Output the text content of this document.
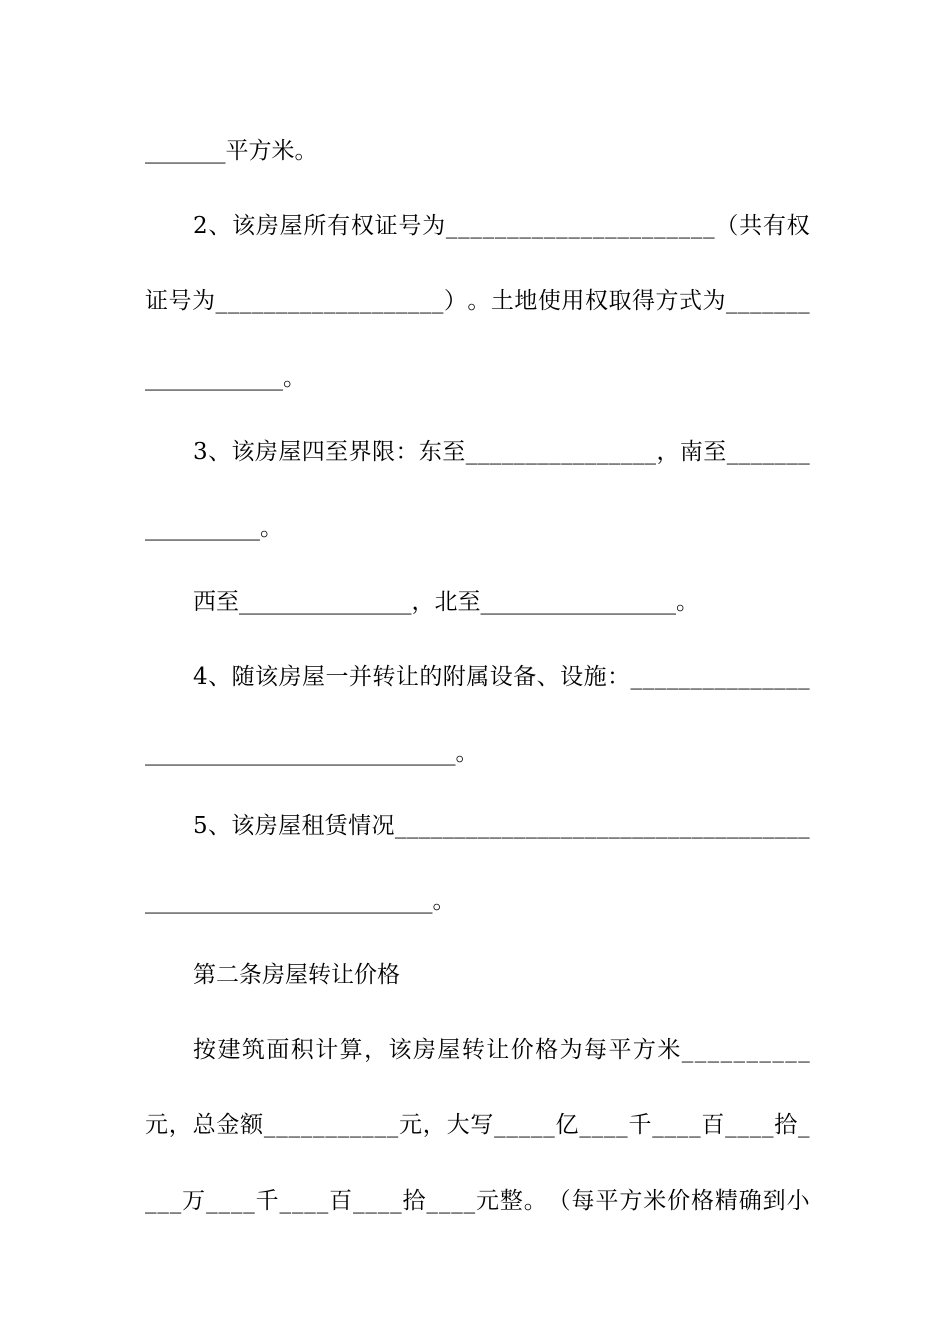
_______平方米。
2 、 该 房 屋 所 有 权 证 号 为 _ _ _ _ _ _ _ _ _ _ _ _ _ _ _ _ _ _ _ _ _ _ （ 共 有 权
证 号 为 _ _ _ _ _ _ _ _ _ _ _ _ _ _ _ _ _ _ _ ） 。 土 地 使 用 权 取 得 方 式 为 _ _ _ _ _ _ _
____________。
3 、 该 房 屋 四 至 界 限 ： 东 至 _ _ _ _ _ _ _ _ _ _ _ _ _ _ _ _ ， 南 至 _ _ _ _ _ _ _
__________。
西至_______________，北至_________________。
4 、 随 该 房 屋 一 并 转 让 的 附 属 设 备 、 设 施 ： _ _ _ _ _ _ _ _ _ _ _ _ _ _ _
___________________________。
5 、 该 房 屋 租 赁 情 况 _ _ _ _ _ _ _ _ _ _ _ _ _ _ _ _ _ _ _ _ _ _ _ _ _ _ _ _ _ _ _ _ _ _ _
_________________________。
第二条房屋转让价格
按 建 筑 面 积 计 算 ， 该 房 屋 转 让 价 格 为 每 平 方 米 _ _ _ _ _ _ _ _ _ _
元 ， 总 金 额 _ _ _ _ _ _ _ _ _ _ _ 元 ， 大 写 _ _ _ _ _ 亿 _ _ _ _ 千 _ _ _ _ 百 _ _ _ _ 拾 _
_ _ _ 万 _ _ _ _ 千 _ _ _ _ 百 _ _ _ _ 拾 _ _ _ _ 元 整 。 （ 每 平 方 米 价 格 精 确 到 小
